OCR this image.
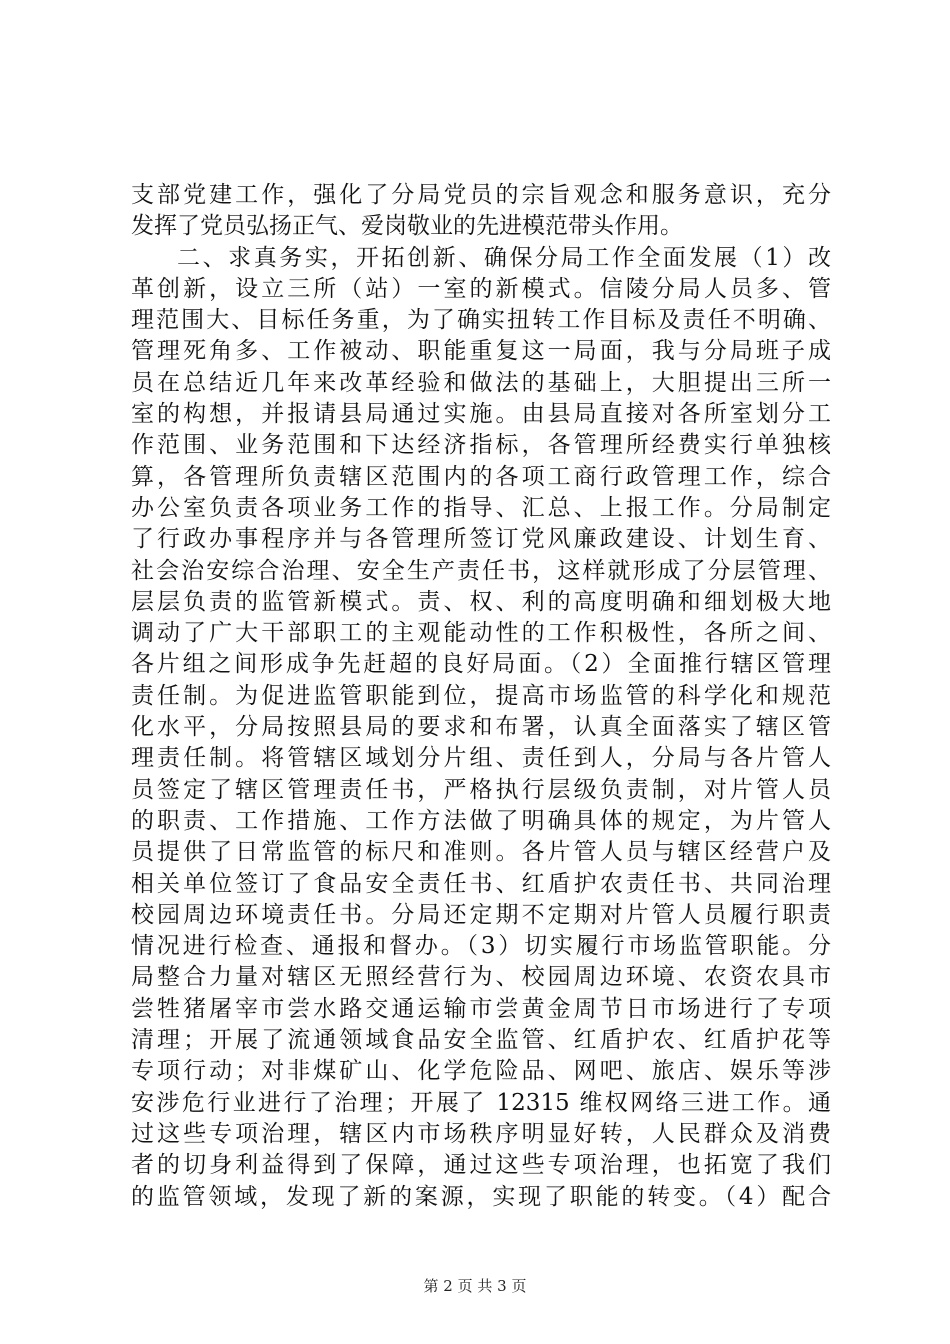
支部党建工作，强化了分局党员的宗旨观念和服务意识，充分
发挥了党员弘扬正气、爱岗敬业的先进模范带头作用。
二、求真务实，开拓创新、确保分局工作全面发展（1）改
革创新，设立三所（站）一室的新模式。信陵分局人员多、管
理范围大、目标任务重，为了确实扭转工作目标及责任不明确、
管理死角多、工作被动、职能重复这一局面，我与分局班子成
员在总结近几年来改革经验和做法的基础上，大胆提出三所一
室的构想，并报请县局通过实施。由县局直接对各所室划分工
作范围、业务范围和下达经济指标，各管理所经费实行单独核
算，各管理所负责辖区范围内的各项工商行政管理工作，综合
办公室负责各项业务工作的指导、汇总、上报工作。分局制定
了行政办事程序并与各管理所签订党风廉政建设、计划生育、
社会治安综合治理、安全生产责任书，这样就形成了分层管理、
层层负责的监管新模式。责、权、利的高度明确和细划极大地
调动了广大干部职工的主观能动性的工作积极性，各所之间、
各片组之间形成争先赶超的良好局面。（2）全面推行辖区管理
责任制。为促进监管职能到位，提高市场监管的科学化和规范
化水平，分局按照县局的要求和布署，认真全面落实了辖区管
理责任制。将管辖区域划分片组、责任到人，分局与各片管人
员签定了辖区管理责任书，严格执行层级负责制，对片管人员
的职责、工作措施、工作方法做了明确具体的规定，为片管人
员提供了日常监管的标尺和准则。各片管人员与辖区经营户及
相关单位签订了食品安全责任书、红盾护农责任书、共同治理
校园周边环境责任书。分局还定期不定期对片管人员履行职责
情况进行检查、通报和督办。（3）切实履行市场监管职能。分
局整合力量对辖区无照经营行为、校园周边环境、农资农具市
尝牲猪屠宰市尝水路交通运输市尝黄金周节日市场进行了专项
清理；开展了流通领域食品安全监管、红盾护农、红盾护花等
专项行动；对非煤矿山、化学危险品、网吧、旅店、娱乐等涉
安涉危行业进行了治理；开展了 12315 维权网络三进工作。通
过这些专项治理，辖区内市场秩序明显好转，人民群众及消费
者的切身利益得到了保障，通过这些专项治理，也拓宽了我们
的监管领域，发现了新的案源，实现了职能的转变。（4）配合
第 2 页 共 3 页
